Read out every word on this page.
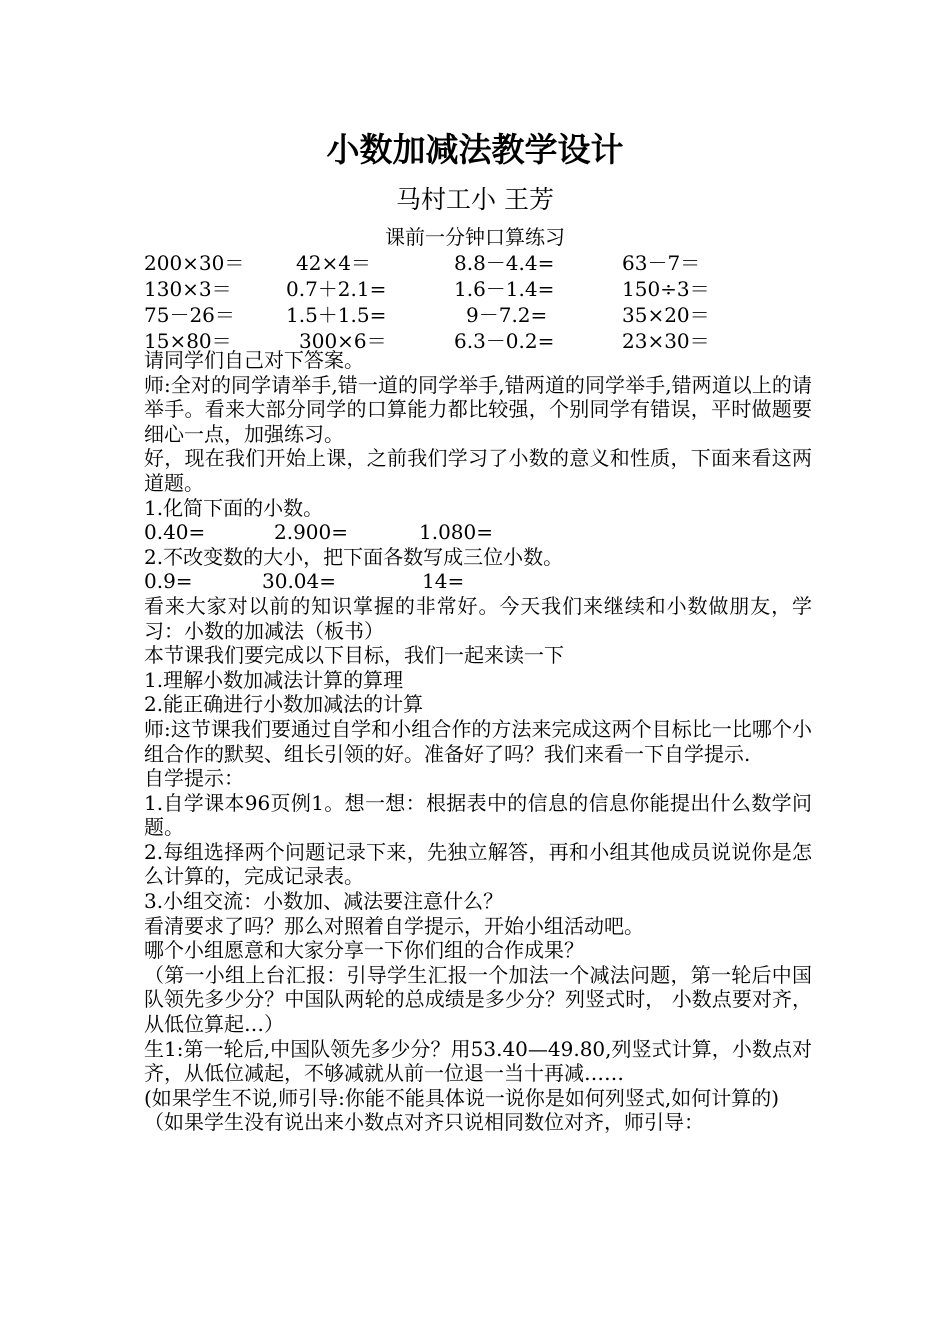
小数加减法教学设计
马村工小 王芳
课前一分钟口算练习
200×30＝	42×4＝	8.8－4.4=	63－7＝
130×3＝	0.7＋2.1=	1.6－1.4=	150÷3＝
75－26＝	1.5＋1.5=	9－7.2=	35×20＝
15×80＝	300×6＝	6.3－0.2=	23×30＝

请同学们自己对下答案。

师:全对的同学请举手,错一道的同学举手,错两道的同学举手,错两道以上的请举手。看来大部分同学的口算能力都比较强，个别同学有错误，平时做题要细心一点，加强练习。

好，现在我们开始上课，之前我们学习了小数的意义和性质，下面来看这两道题。

1.化简下面的小数。

0.40=	2.900=	1.080=

2.不改变数的大小，把下面各数写成三位小数。

0.9=	30.04=	14=

看来大家对以前的知识掌握的非常好。今天我们来继续和小数做朋友，学习：小数的加减法（板书）

本节课我们要完成以下目标，我们一起来读一下

1.理解小数加减法计算的算理

2.能正确进行小数加减法的计算

师:这节课我们要通过自学和小组合作的方法来完成这两个目标比一比哪个小组合作的默契、组长引领的好。准备好了吗？我们来看一下自学提示.

自学提示：

1.自学课本96页例1。想一想：根据表中的信息的信息你能提出什么数学问题。

2.每组选择两个问题记录下来，先独立解答，再和小组其他成员说说你是怎么计算的，完成记录表。

3.小组交流：小数加、减法要注意什么？

看清要求了吗？那么对照着自学提示，开始小组活动吧。

哪个小组愿意和大家分享一下你们组的合作成果？

（第一小组上台汇报：引导学生汇报一个加法一个减法问题，第一轮后中国队领先多少分？中国队两轮的总成绩是多少分？列竖式时， 小数点要对齐，从低位算起…）

生1:第一轮后,中国队领先多少分？用53.40—49.80,列竖式计算，小数点对齐，从低位减起，不够减就从前一位退一当十再减……

(如果学生不说,师引导:你能不能具体说一说你是如何列竖式,如何计算的)

（如果学生没有说出来小数点对齐只说相同数位对齐，师引导：
